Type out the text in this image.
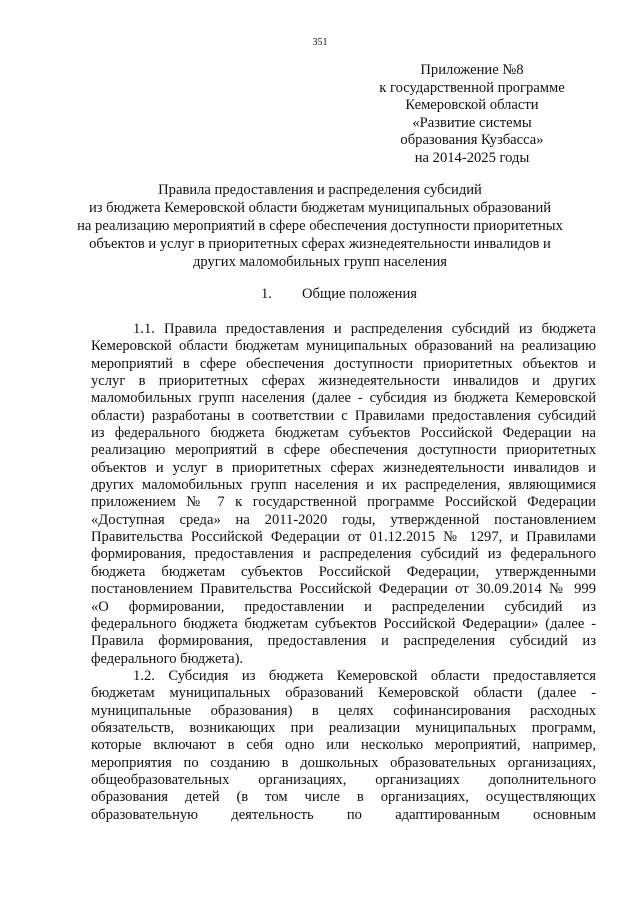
351
Приложение №8
к государственной программе
Кемеровской области
«Развитие системы
образования Кузбасса»
на 2014-2025 годы
Правила предоставления и распределения субсидий
из бюджета Кемеровской области бюджетам муниципальных образований
на реализацию мероприятий в сфере обеспечения доступности приоритетных
объектов и услуг в приоритетных сферах жизнедеятельности инвалидов и
других маломобильных групп населения
1. Общие положения
1.1. Правила предоставления и распределения субсидий из бюджета
Кемеровской области бюджетам муниципальных образований на реализацию
мероприятий в сфере обеспечения доступности приоритетных объектов и
услуг в приоритетных сферах жизнедеятельности инвалидов и других
маломобильных групп населения (далее - субсидия из бюджета Кемеровской
области) разработаны в соответствии с Правилами предоставления субсидий
из федерального бюджета бюджетам субъектов Российской Федерации на
реализацию мероприятий в сфере обеспечения доступности приоритетных
объектов и услуг в приоритетных сферах жизнедеятельности инвалидов и
других маломобильных групп населения и их распределения, являющимися
приложением № 7 к государственной программе Российской Федерации
«Доступная среда» на 2011-2020 годы, утвержденной постановлением
Правительства Российской Федерации от 01.12.2015 № 1297, и Правилами
формирования, предоставления и распределения субсидий из федерального
бюджета бюджетам субъектов Российской Федерации, утвержденными
постановлением Правительства Российской Федерации от 30.09.2014 № 999
«О формировании, предоставлении и распределении субсидий из
федерального бюджета бюджетам субъектов Российской Федерации» (далее -
Правила формирования, предоставления и распределения субсидий из
федерального бюджета).
1.2. Субсидия из бюджета Кемеровской области предоставляется
бюджетам муниципальных образований Кемеровской области (далее -
муниципальные образования) в целях софинансирования расходных
обязательств, возникающих при реализации муниципальных программ,
которые включают в себя одно или несколько мероприятий, например,
мероприятия по созданию в дошкольных образовательных организациях,
общеобразовательных организациях, организациях дополнительного
образования детей (в том числе в организациях, осуществляющих
образовательную деятельность по адаптированным основным
